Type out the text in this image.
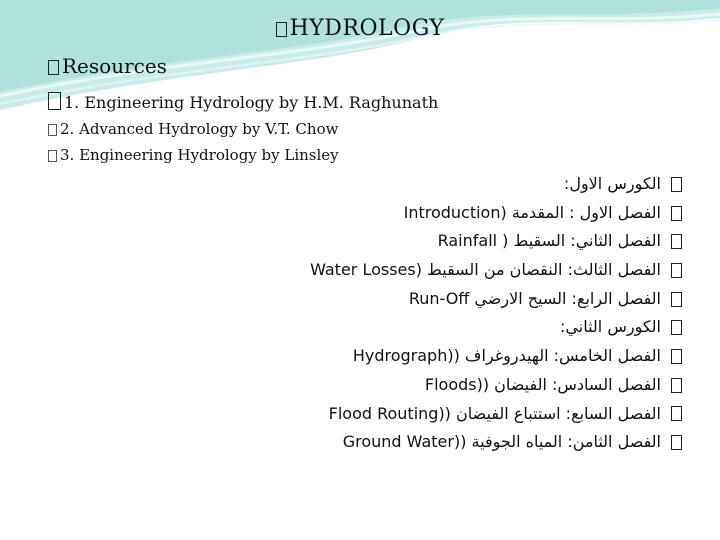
HYDROLOGY
Resources
1. Engineering Hydrology by H.M. Raghunath
2. Advanced Hydrology by V.T. Chow
3. Engineering Hydrology by Linsley
الكورس الاول:
الفصل الاول : المقدمة (Introduction
الفصل الثاني: السقيط ( Rainfall
الفصل الثالث: النقصان من السقيط (Water Losses
الفصل الرابع: السيح الارضي Run-Off
الكورس الثاني:
الفصل الخامس: الهيدروغراف ((Hydrograph
الفصل السادس: الفيضان ((Floods
الفصل السابع: استتباع الفيضان ((Flood Routing
الفصل الثامن: المياه الجوفية ((Ground Water
